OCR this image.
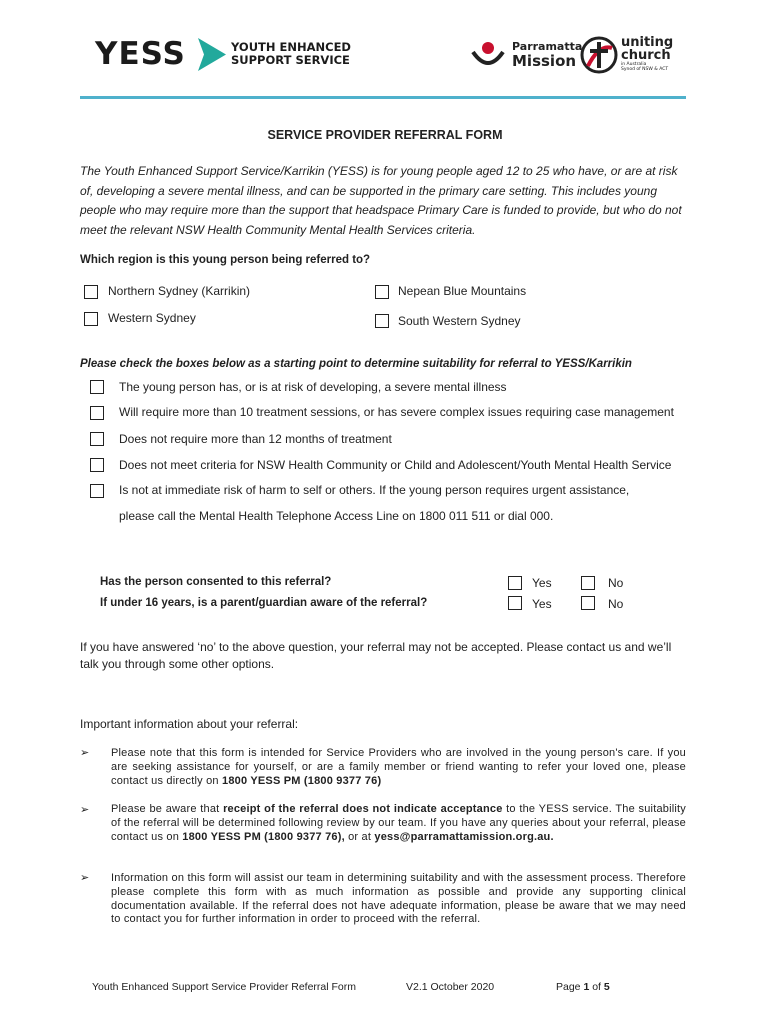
YESS	YOUTH ENHANCED
SUPPORT SERVICE
Parramatta
Mission
uniting
church
in Australia
Synod of NSW & ACT
SERVICE PROVIDER REFERRAL FORM
The Youth Enhanced Support Service/Karrikin (YESS) is for young people aged 12 to 25 who have, or are at risk of, developing a severe mental illness, and can be supported in the primary care setting. This includes young people who may require more than the support that headspace Primary Care is funded to provide, but who do not meet the relevant NSW Health Community Mental Health Services criteria.
Which region is this young person being referred to?
Northern Sydney (Karrikin)
Western Sydney
Nepean Blue Mountains
South Western Sydney
Please check the boxes below as a starting point to determine suitability for referral to YESS/Karrikin
The young person has, or is at risk of developing, a severe mental illness
Will require more than 10 treatment sessions, or has severe complex issues requiring case management
Does not require more than 12 months of treatment
Does not meet criteria for NSW Health Community or Child and Adolescent/Youth Mental Health Service
Is not at immediate risk of harm to self or others. If the young person requires urgent assistance,
please call the Mental Health Telephone Access Line on 1800 011 511 or dial 000.
Has the person consented to this referral?	Yes	No
If under 16 years, is a parent/guardian aware of the referral?	Yes	No
If you have answered ‘no’ to the above question, your referral may not be accepted. Please contact us and we’ll talk you through some other options.
Important information about your referral:
➢ Please note that this form is intended for Service Providers who are involved in the young person's care. If you are seeking assistance for yourself, or are a family member or friend wanting to refer your loved one, please contact us directly on 1800 YESS PM (1800 9377 76)
➢ Please be aware that receipt of the referral does not indicate acceptance to the YESS service. The suitability of the referral will be determined following review by our team. If you have any queries about your referral, please contact us on 1800 YESS PM (1800 9377 76), or at yess@parramattamission.org.au.
➢ Information on this form will assist our team in determining suitability and with the assessment process. Therefore please complete this form with as much information as possible and provide any supporting clinical documentation available. If the referral does not have adequate information, please be aware that we may need to contact you for further information in order to proceed with the referral.
Youth Enhanced Support Service Provider Referral Form	V2.1 October 2020	Page 1 of 5
